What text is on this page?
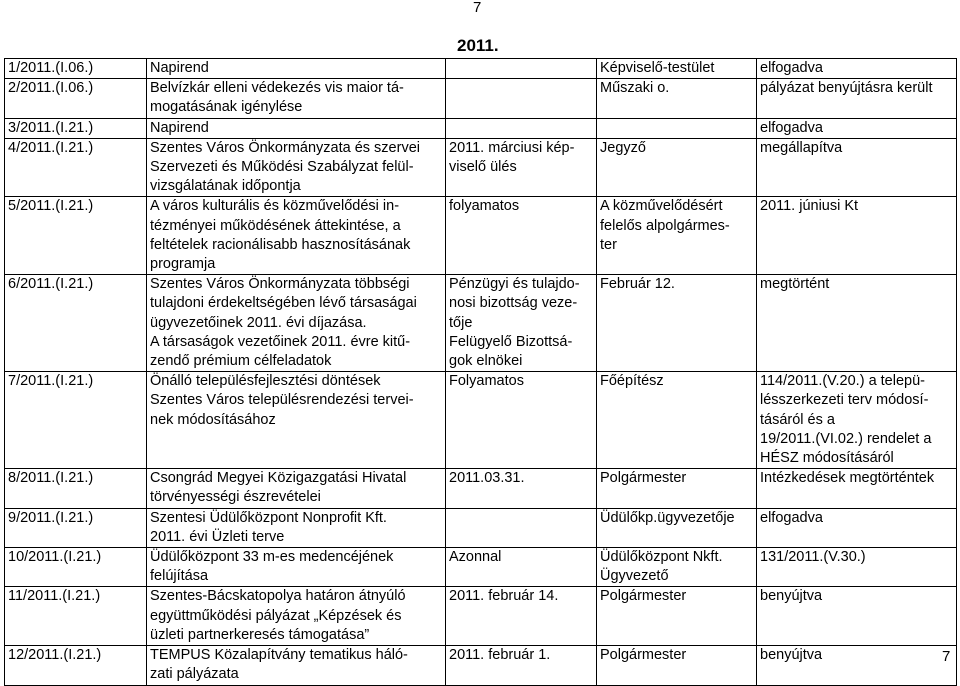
7
2011.
1/2011.(I.06.)	Napirend		Képviselő-testület	elfogadva
2/2011.(I.06.)	Belvízkár elleni védekezés vis maior tá-
mogatásának igénylése		Műszaki o.	pályázat benyújtásra került
3/2011.(I.21.)	Napirend			elfogadva
4/2011.(I.21.)	Szentes Város Önkormányzata és szervei
Szervezeti és Működési Szabályzat felül-
vizsgálatának időpontja	2011. márciusi kép-
viselő ülés	Jegyző	megállapítva
5/2011.(I.21.)	A város kulturális és közművelődési in-
tézményei működésének áttekintése, a
feltételek racionálisabb hasznosításának
programja	folyamatos	A közművelődésért
felelős alpolgármes-
ter	2011. júniusi Kt
6/2011.(I.21.)	Szentes Város Önkormányzata többségi
tulajdoni érdekeltségében lévő társaságai
ügyvezetőinek 2011. évi díjazása.
A társaságok vezetőinek 2011. évre kitű-
zendő prémium célfeladatok	Pénzügyi és tulajdo-
nosi bizottság veze-
tője
Felügyelő Bizottsá-
gok elnökei	Február 12.	megtörtént
7/2011.(I.21.)	Önálló településfejlesztési döntések
Szentes Város településrendezési tervei-
nek módosításához	Folyamatos	Főépítész	114/2011.(V.20.) a telepü-
lésszerkezeti terv módosí-
tásáról és a
19/2011.(VI.02.) rendelet a
HÉSZ módosításáról
8/2011.(I.21.)	Csongrád Megyei Közigazgatási Hivatal
törvényességi észrevételei	2011.03.31.	Polgármester	Intézkedések megtörténtek
9/2011.(I.21.)	Szentesi Üdülőközpont Nonprofit Kft.
2011. évi Üzleti terve		Üdülőkp.ügyvezetője	elfogadva
10/2011.(I.21.)	Üdülőközpont 33 m-es medencéjének
felújítása	Azonnal	Üdülőközpont Nkft.
Ügyvezető	131/2011.(V.30.)
11/2011.(I.21.)	Szentes-Bácskatopolya határon átnyúló
együttműködési pályázat „Képzések és
üzleti partnerkeresés támogatása”	2011. február 14.	Polgármester	benyújtva
12/2011.(I.21.)	TEMPUS Közalapítvány tematikus háló-
zati pályázata	2011. február 1.	Polgármester	benyújtva	7
